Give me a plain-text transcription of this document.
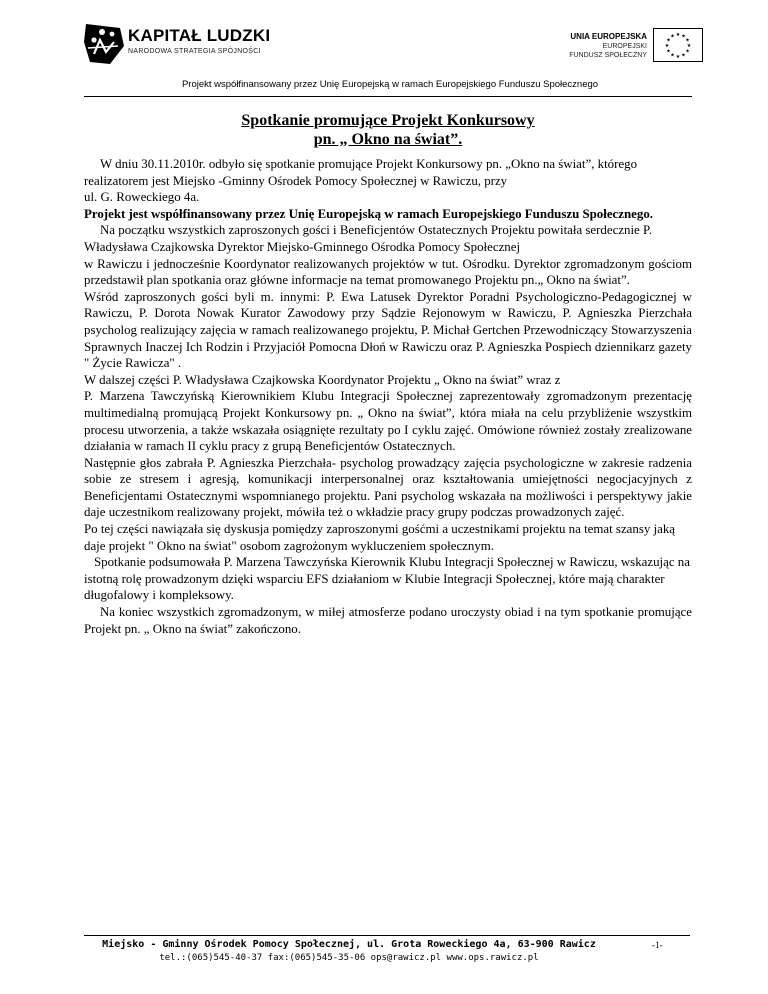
KAPITAŁ LUDZKI
NARODOWA STRATEGIA SPÓJNOŚCI
UNIA EUROPEJSKA
EUROPEJSKI
FUNDUSZ SPOŁECZNY
★ ★
★
★
★
★
★
★
★
★
★
★
Projekt współfinansowany przez Unię Europejską w ramach Europejskiego Funduszu Społecznego
Spotkanie promujące Projekt Konkursowy
pn. „ Okno na świat”.

W dniu 30.11.2010r. odbyło się spotkanie promujące Projekt Konkursowy pn. „Okno na świat”, którego realizatorem jest Miejsko -Gminny Ośrodek Pomocy Społecznej w Rawiczu, przy

ul. G. Roweckiego 4a.

Projekt jest współfinansowany przez Unię Europejską w ramach Europejskiego Funduszu Społecznego.

Na początku wszystkich zaproszonych gości i Beneficjentów Ostatecznych Projektu powitała serdecznie P. Władysława Czajkowska Dyrektor Miejsko-Gminnego Ośrodka Pomocy Społecznej

w Rawiczu i jednocześnie Koordynator realizowanych projektów w tut. Ośrodku. Dyrektor zgromadzonym gościom przedstawił plan spotkania oraz główne informacje na temat promowanego Projektu pn.„ Okno na świat”.

Wśród zaproszonych gości byli m. innymi: P. Ewa Latusek Dyrektor Poradni Psychologiczno-Pedagogicznej w Rawiczu, P. Dorota Nowak Kurator Zawodowy przy Sądzie Rejonowym w Rawiczu, P. Agnieszka Pierzchała psycholog realizujący zajęcia w ramach realizowanego projektu, P. Michał Gertchen Przewodniczący Stowarzyszenia Sprawnych Inaczej Ich Rodzin i Przyjaciół Pomocna Dłoń w Rawiczu oraz P. Agnieszka Pospiech dziennikarz gazety " Życie Rawicza" .

W dalszej części P. Władysława Czajkowska Koordynator Projektu „ Okno na świat” wraz z

P. Marzena Tawczyńską Kierownikiem Klubu Integracji Społecznej zaprezentowały zgromadzonym prezentację multimedialną promującą Projekt Konkursowy pn. „ Okno na świat”, która miała na celu przybliżenie wszystkim procesu utworzenia, a także wskazała osiągnięte rezultaty po I cyklu zajęć. Omówione również zostały zrealizowane działania w ramach II cyklu pracy z grupą Beneficjentów Ostatecznych.

Następnie głos zabrała P. Agnieszka Pierzchała- psycholog prowadzący zajęcia psychologiczne w zakresie radzenia sobie ze stresem i agresją, komunikacji interpersonalnej oraz kształtowania umiejętności negocjacyjnych z Beneficjentami Ostatecznymi wspomnianego projektu. Pani psycholog wskazała na możliwości i perspektywy jakie daje uczestnikom realizowany projekt, mówiła też o wkładzie pracy grupy podczas prowadzonych zajęć.

Po tej części nawiązała się dyskusja pomiędzy zaproszonymi gośćmi a uczestnikami projektu na temat szansy jaką daje projekt " Okno na świat" osobom zagrożonym wykluczeniem społecznym.

Spotkanie podsumowała P. Marzena Tawczyńska Kierownik Klubu Integracji Społecznej w Rawiczu, wskazując na istotną rolę prowadzonym dzięki wsparciu EFS działaniom w Klubie Integracji Społecznej, które mają charakter długofalowy i kompleksowy.

Na koniec wszystkich zgromadzonym, w miłej atmosferze podano uroczysty obiad i na tym spotkanie promujące Projekt pn. „ Okno na świat” zakończono.

Miejsko - Gminny Ośrodek Pomocy Społecznej, ul. Grota Roweckiego 4a, 63-900 Rawicz
tel.:(065)545-40-37 fax:(065)545-35-06 ops@rawicz.pl www.ops.rawicz.pl
-1-
